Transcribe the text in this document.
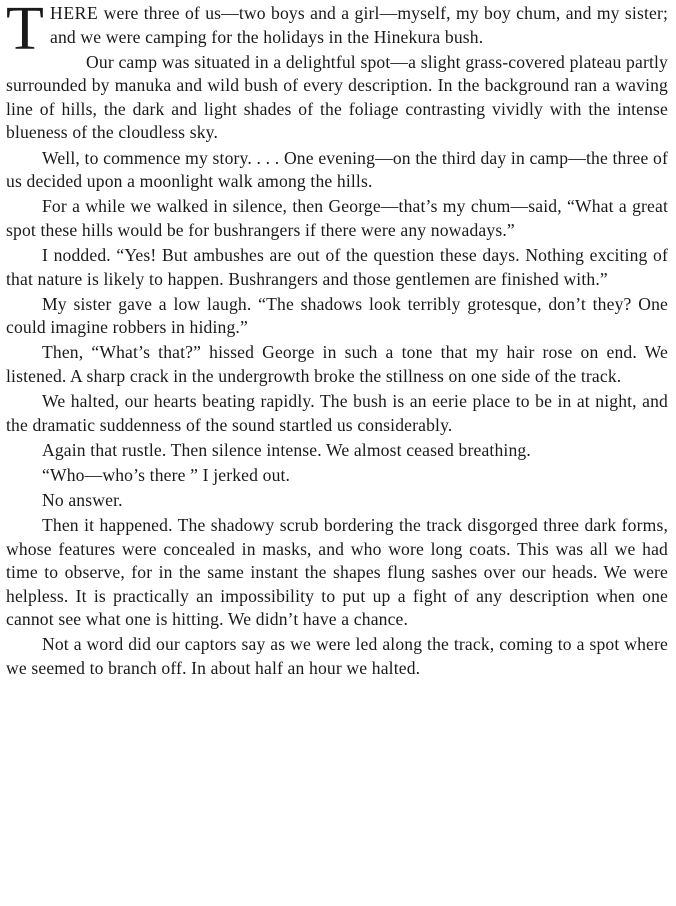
THERE were three of us—two boys and a girl—myself, my boy chum, and my sister; and we were camping for the holidays in the Hinekura bush.

Our camp was situated in a delightful spot—a slight grass-covered plateau partly surrounded by manuka and wild bush of every description. In the background ran a waving line of hills, the dark and light shades of the foliage contrasting vividly with the intense blueness of the cloudless sky.

Well, to commence my story. . . . One evening—on the third day in camp—the three of us decided upon a moonlight walk among the hills.

For a while we walked in silence, then George—that’s my chum—said, “What a great spot these hills would be for bushrangers if there were any nowadays.”

I nodded. “Yes! But ambushes are out of the question these days. Nothing exciting of that nature is likely to happen. Bushrangers and those gentlemen are finished with.”

My sister gave a low laugh. “The shadows look terribly grotesque, don’t they? One could imagine robbers in hiding.”

Then, “What’s that?” hissed George in such a tone that my hair rose on end. We listened. A sharp crack in the undergrowth broke the stillness on one side of the track.

We halted, our hearts beating rapidly. The bush is an eerie place to be in at night, and the dramatic suddenness of the sound startled us considerably.

Again that rustle. Then silence intense. We almost ceased breathing.

“Who—who’s there ” I jerked out.

No answer.

Then it happened. The shadowy scrub bordering the track disgorged three dark forms, whose features were concealed in masks, and who wore long coats. This was all we had time to observe, for in the same instant the shapes flung sashes over our heads. We were helpless. It is practically an impossibility to put up a fight of any description when one cannot see what one is hitting. We didn’t have a chance.

Not a word did our captors say as we were led along the track, coming to a spot where we seemed to branch off. In about half an hour we halted.
